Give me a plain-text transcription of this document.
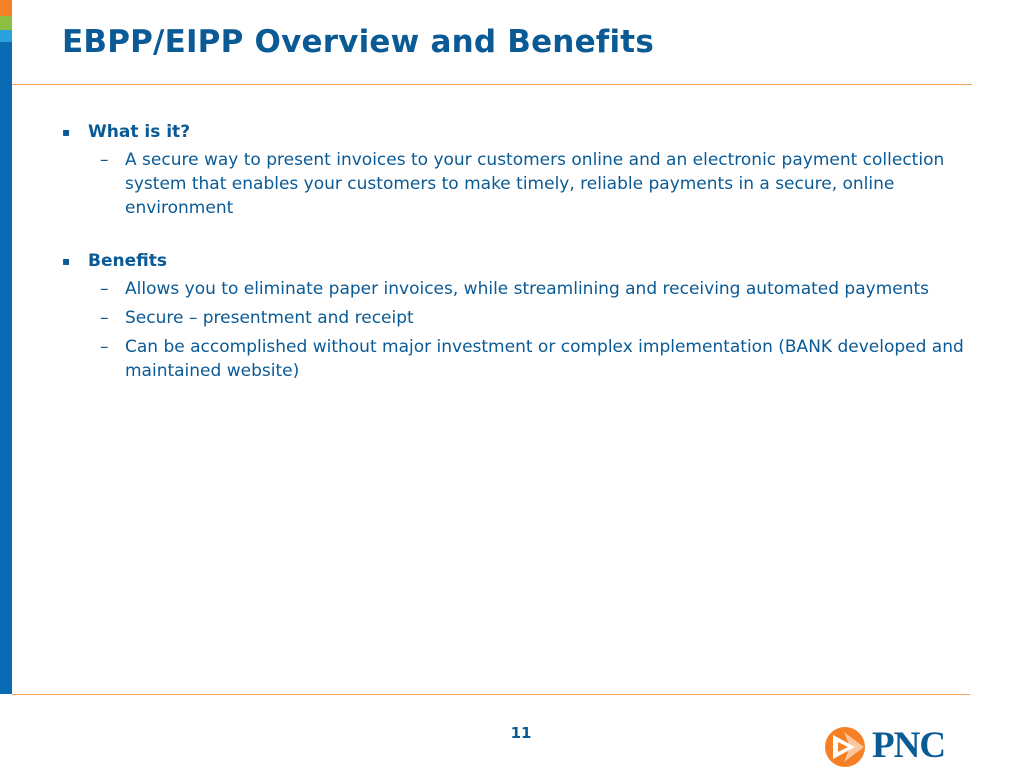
EBPP/EIPP Overview and Benefits
▪ What is it?
– A secure way to present invoices to your customers online and an electronic payment collection system that enables your customers to make timely, reliable payments in a secure, online environment
▪ Benefits
– Allows you to eliminate paper invoices, while streamlining and receiving automated payments
– Secure – presentment and receipt
– Can be accomplished without major investment or complex implementation (BANK developed and maintained website)
11	PNC
